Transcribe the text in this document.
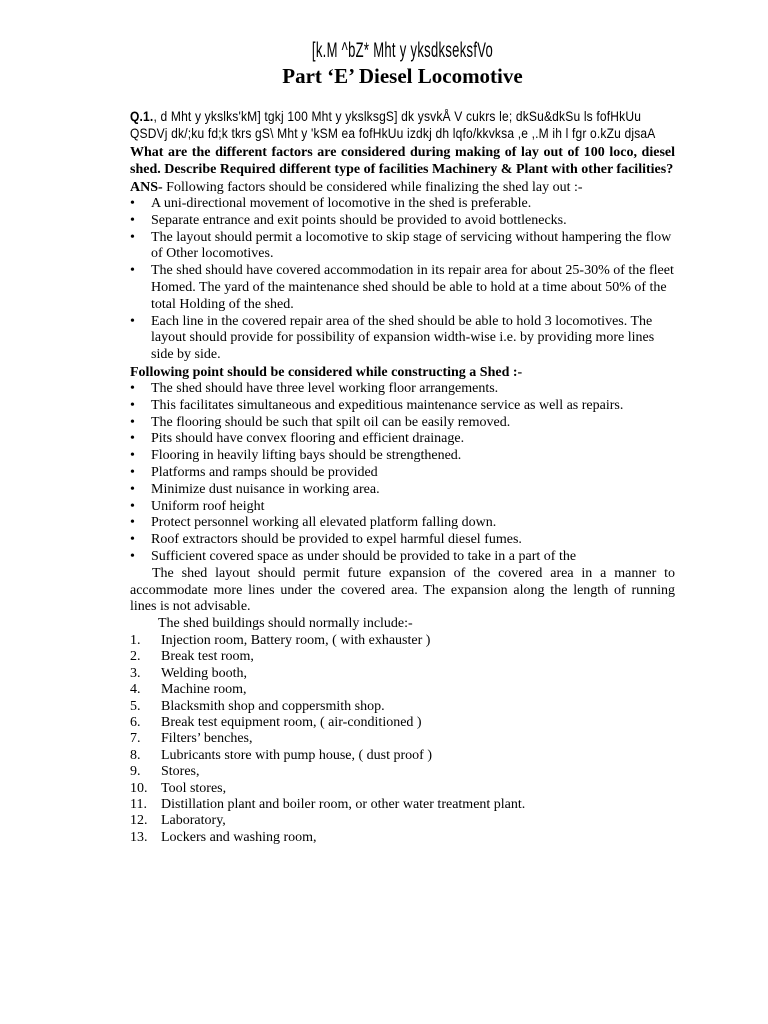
[k.M ^bZ* Mht y yksdkseksfVo
Part ‘E’ Diesel Locomotive
Q.1., d Mht y ykslks'kM] tgkj 100 Mht y ykslksgS] dk ysvkÅ V cukrs le; dkSu&dkSu ls fofHkUu QSDVj dk/;ku fd;k tkrs gS\ Mht y 'kSM ea fofHkUu izdkj dh lqfo/kkvksa ,e ,.M ih l fgr o.kZu djsaA
What are the different factors are considered during making of lay out of 100 loco, diesel shed. Describe Required different type of facilities Machinery & Plant with other facilities?
ANS- Following factors should be considered while finalizing the shed lay out :-
• A uni-directional movement of locomotive in the shed is preferable.
• Separate entrance and exit points should be provided to avoid bottlenecks.
• The layout should permit a locomotive to skip stage of servicing without hampering the flow of Other locomotives.
• The shed should have covered accommodation in its repair area for about 25-30% of the fleet Homed. The yard of the maintenance shed should be able to hold at a time about 50% of the total Holding of the shed.
• Each line in the covered repair area of the shed should be able to hold 3 locomotives. The layout should provide for possibility of expansion width-wise i.e. by providing more lines side by side.
Following point should be considered while constructing a Shed :-
• The shed should have three level working floor arrangements.
• This facilitates simultaneous and expeditious maintenance service as well as repairs.
• The flooring should be such that spilt oil can be easily removed.
• Pits should have convex flooring and efficient drainage.
• Flooring in heavily lifting bays should be strengthened.
• Platforms and ramps should be provided
• Minimize dust nuisance in working area.
• Uniform roof height
• Protect personnel working all elevated platform falling down.
• Roof extractors should be provided to expel harmful diesel fumes.
• Sufficient covered space as under should be provided to take in a part of the
The shed layout should permit future expansion of the covered area in a manner to accommodate more lines under the covered area. The expansion along the length of running lines is not advisable.
The shed buildings should normally include:-
1. Injection room, Battery room, ( with exhauster )
2. Break test room,
3. Welding booth,
4. Machine room,
5. Blacksmith shop and coppersmith shop.
6. Break test equipment room, ( air-conditioned )
7. Filters’ benches,
8. Lubricants store with pump house, ( dust proof )
9. Stores,
10. Tool stores,
11. Distillation plant and boiler room, or other water treatment plant.
12. Laboratory,
13. Lockers and washing room,
